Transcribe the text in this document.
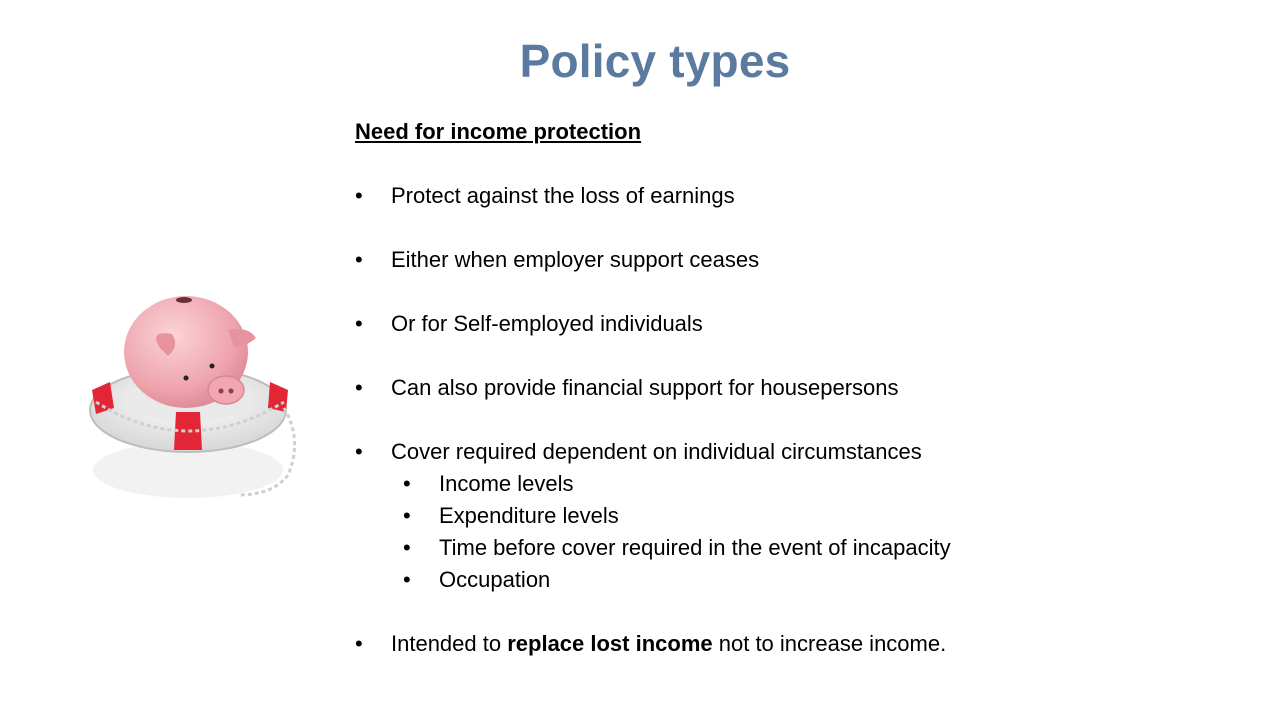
Policy types

Need for income protection

• Protect against the loss of earnings
• Either when employer support ceases
• Or for Self-employed individuals
• Can also provide financial support for housepersons
• Cover required dependent on individual circumstances
• Income levels
• Expenditure levels
• Time before cover required in the event of incapacity
• Occupation
• Intended to replace lost income not to increase income.
